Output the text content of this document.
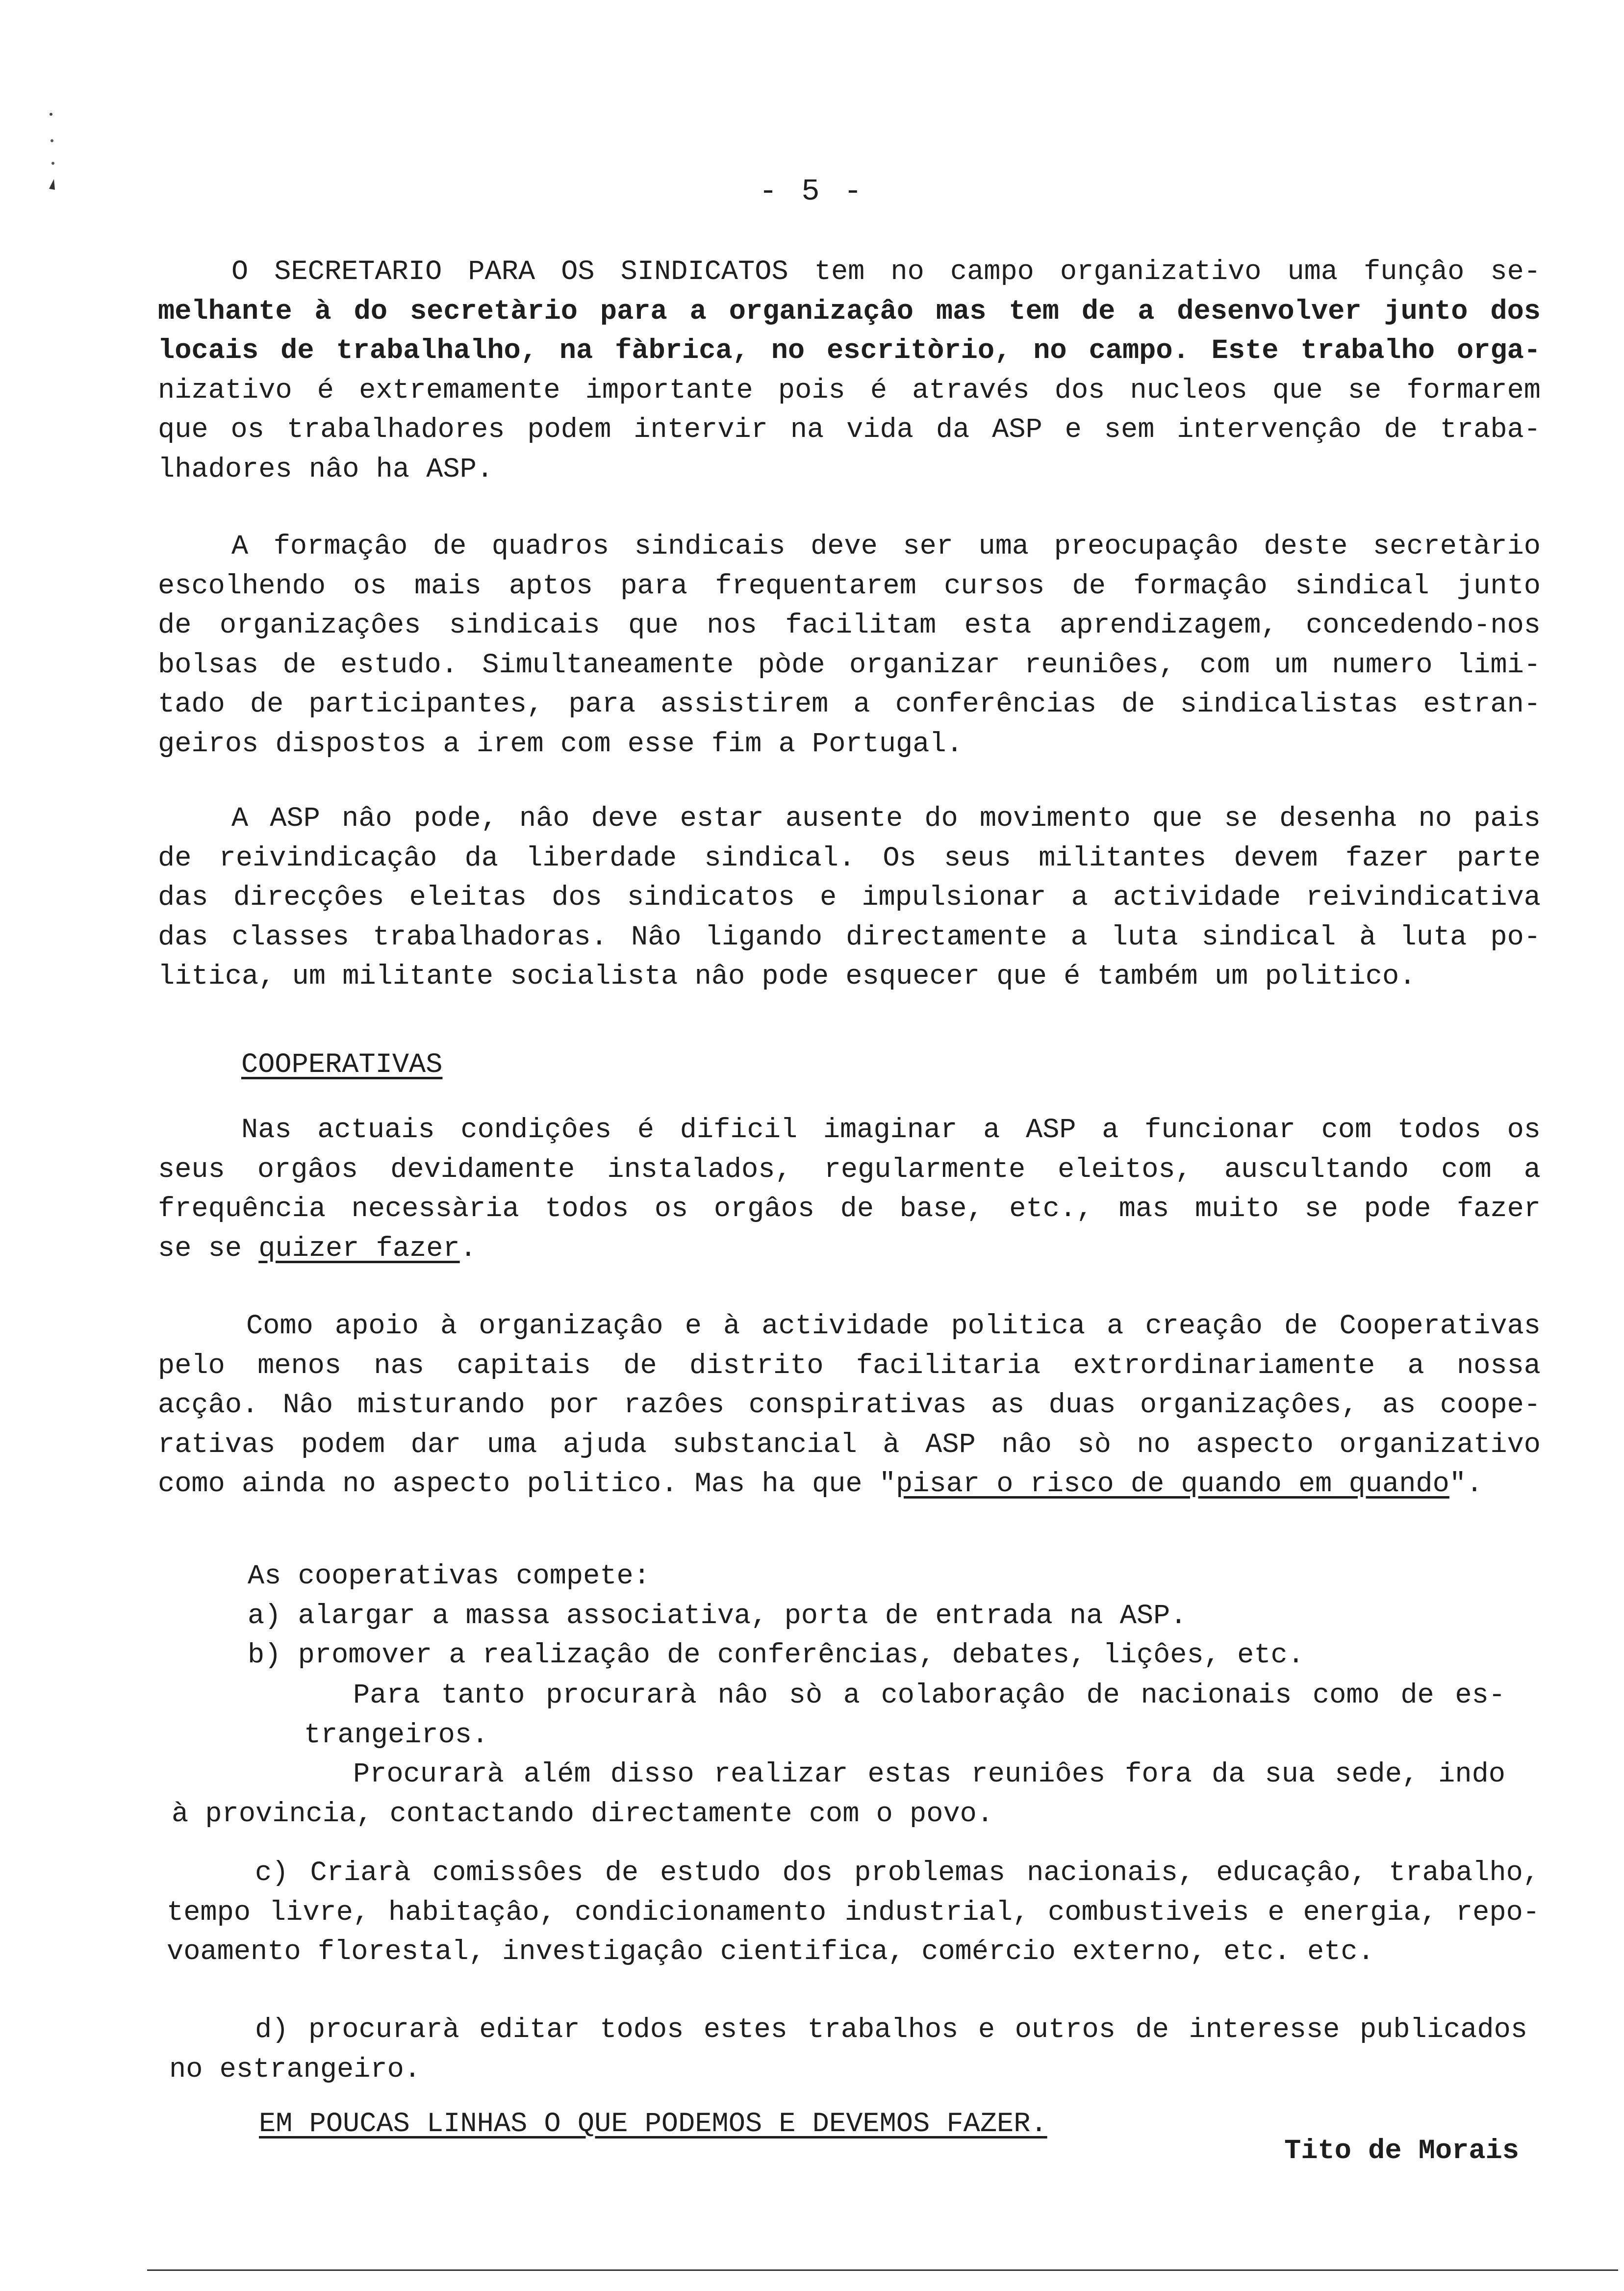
- 5 -

O SECRETARIO PARA OS SINDICATOS tem no campo organizativo uma funçâo se-

melhante à do secretàrio para a organizaçâo mas tem de a desenvolver junto dos

locais de trabalhalho, na fàbrica, no escritòrio, no campo. Este trabalho orga-

nizativo é extremamente importante pois é através dos nucleos que se formarem

que os trabalhadores podem intervir na vida da ASP e sem intervençâo de traba-

lhadores nâo ha ASP.

A formaçâo de quadros sindicais deve ser uma preocupaçâo deste secretàrio

escolhendo os mais aptos para frequentarem cursos de formaçâo sindical junto

de organizaçôes sindicais que nos facilitam esta aprendizagem, concedendo-nos

bolsas de estudo. Simultaneamente pòde organizar reuniôes, com um numero limi-

tado de participantes, para assistirem a conferências de sindicalistas estran-

geiros dispostos a irem com esse fim a Portugal.

A ASP nâo pode, nâo deve estar ausente do movimento que se desenha no pais

de reivindicaçâo da liberdade sindical. Os seus militantes devem fazer parte

das direcçôes eleitas dos sindicatos e impulsionar a actividade reivindicativa

das classes trabalhadoras. Nâo ligando directamente a luta sindical à luta po-

litica, um militante socialista nâo pode esquecer que é também um politico.

COOPERATIVAS

Nas actuais condiçôes é dificil imaginar a ASP a funcionar com todos os

seus orgâos devidamente instalados, regularmente eleitos, auscultando com a

frequência necessària todos os orgâos de base, etc., mas muito se pode fazer

se se quizer fazer.

Como apoio à organizaçâo e à actividade politica a creaçâo de Cooperativas

pelo menos nas capitais de distrito facilitaria extrordinariamente a nossa

acçâo. Nâo misturando por razôes conspirativas as duas organizaçôes, as coope-

rativas podem dar uma ajuda substancial à ASP nâo sò no aspecto organizativo

como ainda no aspecto politico. Mas ha que "pisar o risco de quando em quando".

As cooperativas compete:

a) alargar a massa associativa, porta de entrada na ASP.

b) promover a realizaçâo de conferências, debates, liçôes, etc.

Para tanto procurarà nâo sò a colaboraçâo de nacionais como de es-

trangeiros.

Procurarà além disso realizar estas reuniôes fora da sua sede, indo

à provincia, contactando directamente com o povo.

c) Criarà comissôes de estudo dos problemas nacionais, educaçâo, trabalho,

tempo livre, habitaçâo, condicionamento industrial, combustiveis e energia, repo-

voamento florestal, investigaçâo cientifica, comércio externo, etc. etc.

d) procurarà editar todos estes trabalhos e outros de interesse publicados

no estrangeiro.

EM POUCAS LINHAS O QUE PODEMOS E DEVEMOS FAZER.
Tito de Morais
